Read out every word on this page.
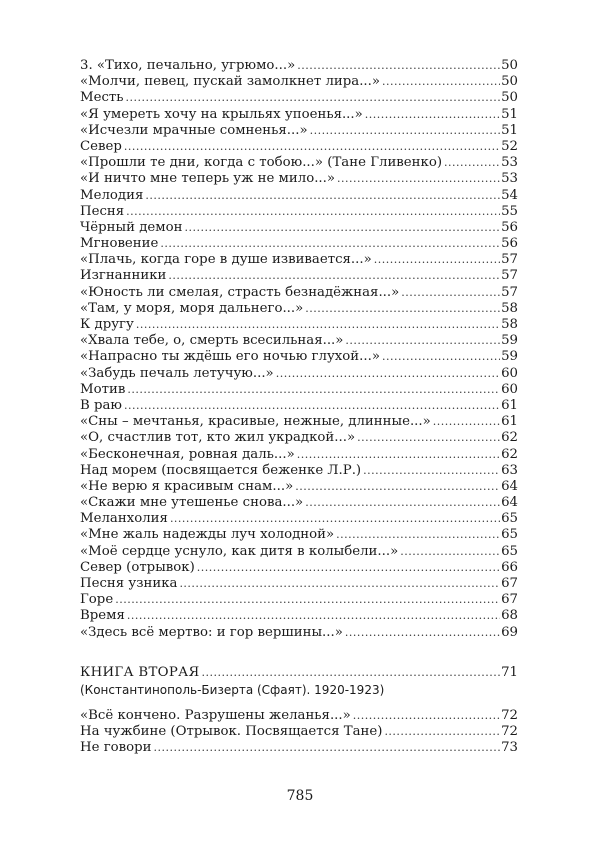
3. «Тихо, печально, угрюмо...» .....	50
«Молчи, певец, пускай замолкнет лира...» .....	50
Месть .....	50
«Я умереть хочу на крыльях упоенья...» .....	51
«Исчезли мрачные сомненья...» .....	51
Север .....	52
«Прошли те дни, когда с тобою...» (Тане Гливенко) .....	53
«И ничто мне теперь уж не мило...» .....	53
Мелодия .....	54
Песня .....	55
Чёрный демон .....	56
Мгновение .....	56
«Плачь, когда горе в душе извивается...» .....	57
Изгнанники .....	57
«Юность ли смелая, страсть безнадёжная...» .....	57
«Там, у моря, моря дальнего...» .....	58
К другу .....	58
«Хвала тебе, о, смерть всесильная...» .....	59
«Напрасно ты ждёшь его ночью глухой...» .....	59
«Забудь печаль летучую...» .....	60
Мотив .....	60
В раю .....	61
«Сны – мечтанья, красивые, нежные, длинные...» .....	61
«О, счастлив тот, кто жил украдкой...» .....	62
«Бесконечная, ровная даль...» .....	62
Над морем (посвящается беженке Л.Р.) .....	63
«Не верю я красивым снам...» .....	64
«Скажи мне утешенье снова...» .....	64
Меланхолия .....	65
«Мне жаль надежды луч холодной» .....	65
«Моё сердце уснуло, как дитя в колыбели...» .....	65
Север (отрывок) .....	66
Песня узника .....	67
Горе .....	67
Время .....	68
«Здесь всё мертво: и гор вершины...» .....	69
КНИГА ВТОРАЯ .....	71
(Константинополь-Бизерта (Сфаят). 1920-1923)
«Всё кончено. Разрушены желанья...» .....	72
На чужбине (Отрывок. Посвящается Тане) .....	72
Не говори .....	73
785
